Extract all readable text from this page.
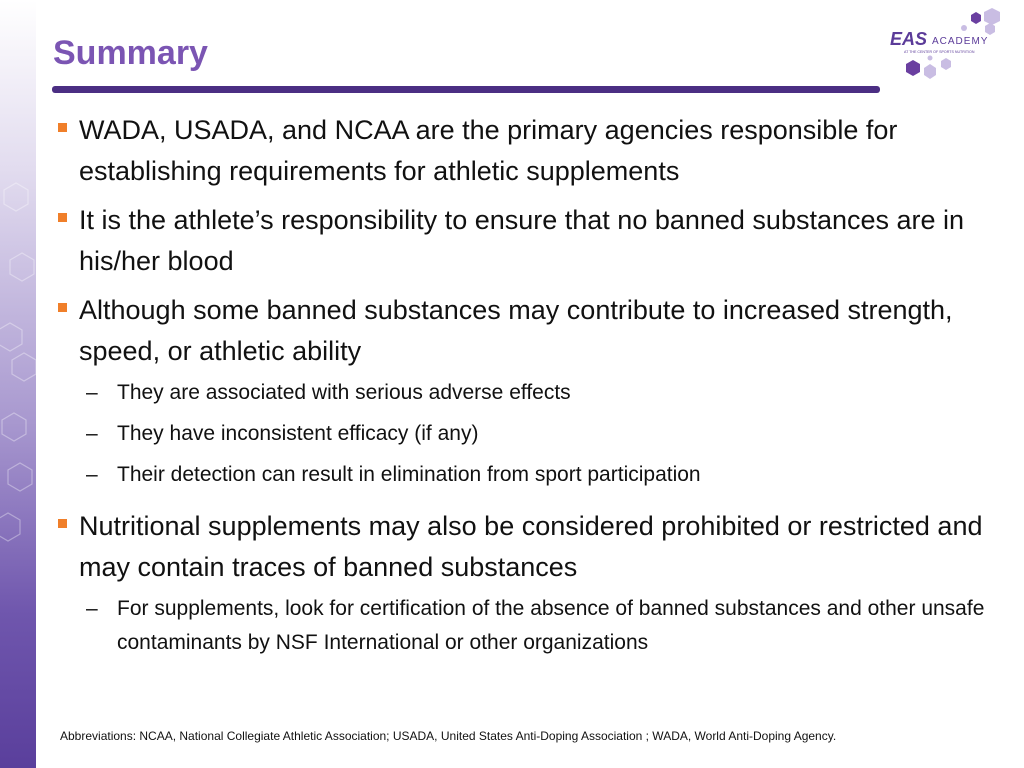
Summary	EAS ACADEMY
AT THE CENTER OF SPORTS NUTRITION
WADA, USADA, and NCAA are the primary agencies responsible for establishing requirements for athletic supplements
It is the athlete’s responsibility to ensure that no banned substances are in his/her blood
Although some banned substances may contribute to increased strength, speed, or athletic ability
– They are associated with serious adverse effects
– They have inconsistent efficacy (if any)
– Their detection can result in elimination from sport participation
Nutritional supplements may also be considered prohibited or restricted and may contain traces of banned substances
– For supplements, look for certification of the absence of banned substances and other unsafe contaminants by NSF International or other organizations
Abbreviations: NCAA, National Collegiate Athletic Association; USADA, United States Anti-Doping Association ; WADA, World Anti-Doping Agency.
